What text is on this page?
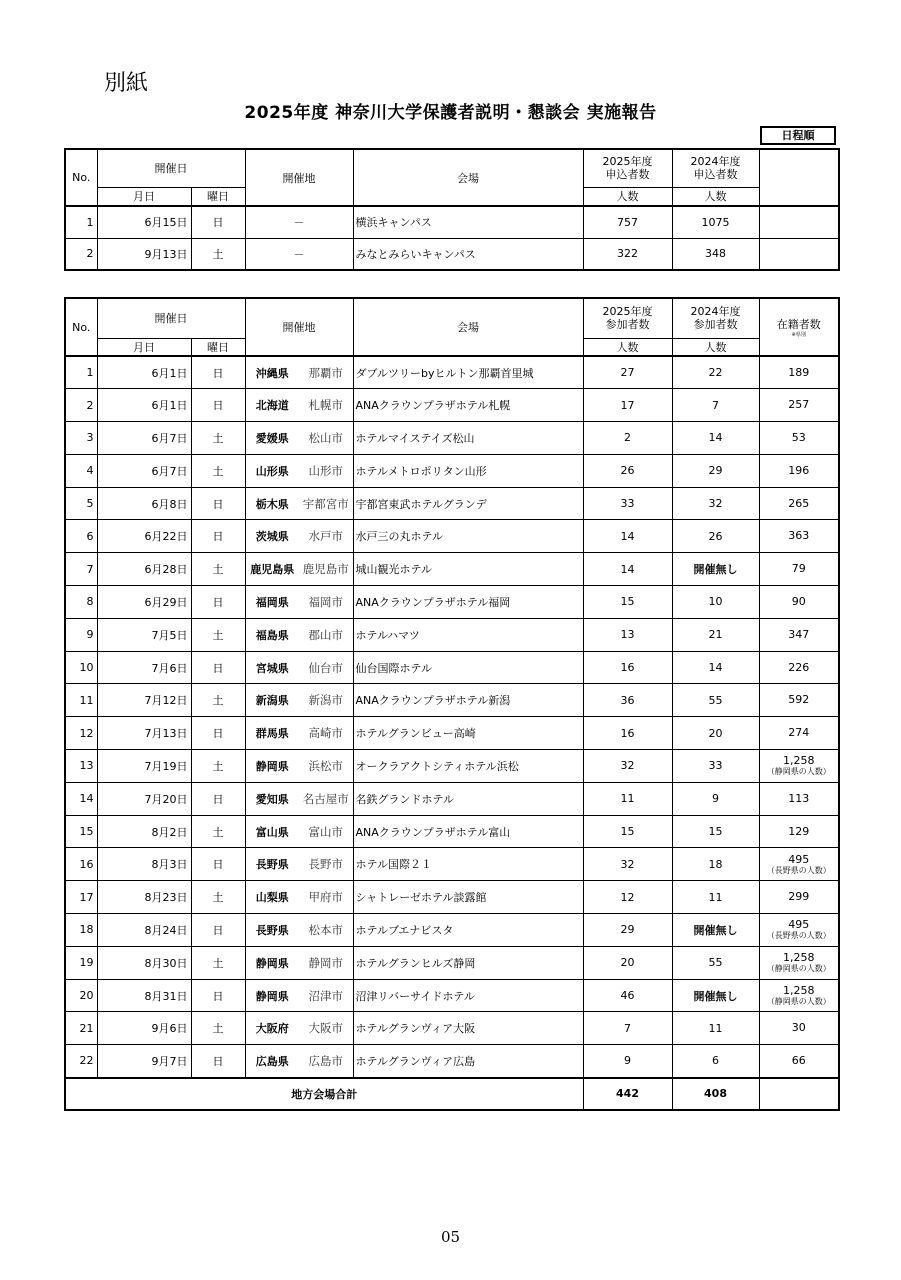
別紙
2025年度 神奈川大学保護者説明・懇談会 実施報告
日程順
No.	開催日		開催地	会場	2025年度
申込者数	2024年度
申込者数	
	月日	曜日			人数	人数	
1	6月15日	日	－	横浜キャンパス	757	1075	
2	9月13日	土	－	みなとみらいキャンパス	322	348	
No.	開催日		開催地		会場	2025年度
参加者数	2024年度
参加者数	在籍者数
※県別

	月日	曜日				人数	人数	
1	6月1日	日	沖縄県	那覇市	ダブルツリーbyヒルトン那覇首里城	27	22	189
2	6月1日	日	北海道	札幌市	ANAクラウンプラザホテル札幌	17	7	257
3	6月7日	土	愛媛県	松山市	ホテルマイステイズ松山	2	14	53
4	6月7日	土	山形県	山形市	ホテルメトロポリタン山形	26	29	196
5	6月8日	日	栃木県	宇都宮市	宇都宮東武ホテルグランデ	33	32	265
6	6月22日	日	茨城県	水戸市	水戸三の丸ホテル	14	26	363
7	6月28日	土	鹿児島県	鹿児島市	城山観光ホテル	14	開催無し	79
8	6月29日	日	福岡県	福岡市	ANAクラウンプラザホテル福岡	15	10	90
9	7月5日	土	福島県	郡山市	ホテルハマツ	13	21	347
10	7月6日	日	宮城県	仙台市	仙台国際ホテル	16	14	226
11	7月12日	土	新潟県	新潟市	ANAクラウンプラザホテル新潟	36	55	592
12	7月13日	日	群馬県	高崎市	ホテルグランビュー高崎	16	20	274
13	7月19日	土	静岡県	浜松市	オークラアクトシティホテル浜松	32	33	1,258
（静岡県の人数）

14	7月20日	日	愛知県	名古屋市	名鉄グランドホテル	11	9	113
15	8月2日	土	富山県	富山市	ANAクラウンプラザホテル富山	15	15	129
16	8月3日	日	長野県	長野市	ホテル国際２１	32	18	495
（長野県の人数）

17	8月23日	土	山梨県	甲府市	シャトレーゼホテル談露館	12	11	299
18	8月24日	日	長野県	松本市	ホテルブエナビスタ	29	開催無し	495
（長野県の人数）

19	8月30日	土	静岡県	静岡市	ホテルグランヒルズ静岡	20	55	1,258
（静岡県の人数）

20	8月31日	日	静岡県	沼津市	沼津リバーサイドホテル	46	開催無し	1,258
（静岡県の人数）

21	9月6日	土	大阪府	大阪市	ホテルグランヴィア大阪	7	11	30
22	9月7日	日	広島県	広島市	ホテルグランヴィア広島	9	6	66
地方会場合計						442	408	
05
